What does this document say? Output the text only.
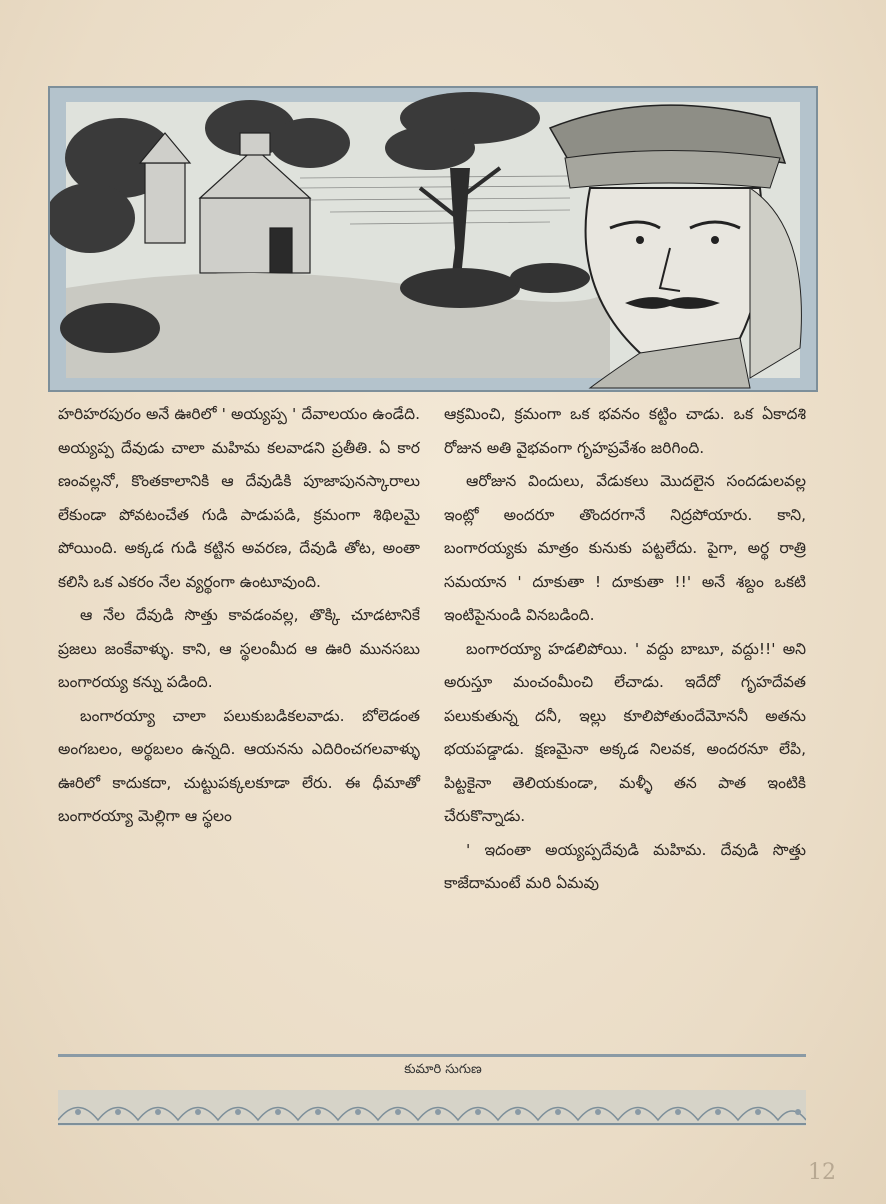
హరిహరపురం అనే ఊరిలో ' అయ్యప్ప ' దేవాలయం ఉండేది. అయ్యప్ప దేవుడు చాలా మహిమ కలవాడని ప్రతీతి. ఏ కార ణంవల్లనో, కొంతకాలానికి ఆ దేవుడికి పూజాపునస్కారాలు లేకుండా పోవటంచేత గుడి పాడుపడి, క్రమంగా శిథిలమై పోయింది. అక్కడ గుడి కట్టిన అవరణ, దేవుడి తోట, అంతా కలిసి ఒక ఎకరం నేల వ్యర్థంగా ఉంటూవుంది.

ఆ నేల దేవుడి సొత్తు కావడంవల్ల, తొక్కి చూడటానికే ప్రజలు జంకేవాళ్ళు. కాని, ఆ స్థలంమీద ఆ ఊరి మునసబు బంగారయ్య కన్ను పడింది.

బంగారయ్యా చాలా పలుకుబడికలవాడు. బోలెడంత అంగబలం, అర్థబలం ఉన్నది. ఆయనను ఎదిరించగలవాళ్ళు ఊరిలో కాదుకదా, చుట్టుపక్కలకూడా లేరు. ఈ ధీమాతో బంగారయ్యా మెల్లిగా ఆ స్థలం

ఆక్రమించి, క్రమంగా ఒక భవనం కట్టిం చాడు. ఒక ఏకాదశి రోజున అతి వైభవంగా గృహప్రవేశం జరిగింది.

ఆరోజున విందులు, వేడుకలు మొదలైన సందడులవల్ల ఇంట్లో అందరూ తొందరగానే నిద్రపోయారు. కాని, బంగారయ్యకు మాత్రం కునుకు పట్టలేదు. పైగా, అర్థ రాత్రి సమయాన ' దూకుతా ! దూకుతా !!' అనే శబ్దం ఒకటి ఇంటిపైనుండి వినబడింది.

బంగారయ్యా హడలిపోయి. ' వద్దు బాబూ, వద్దు!!' అని అరుస్తూ మంచంమీంచి లేచాడు. ఇదేదో గృహదేవత పలుకుతున్న దనీ, ఇల్లు కూలిపోతుందేమోననీ అతను భయపడ్డాడు. క్షణమైనా అక్కడ నిలవక, అందరనూ లేపి, పిట్టకైనా తెలియకుండా, మళ్ళీ తన పాత ఇంటికి చేరుకొన్నాడు.

' ఇదంతా అయ్యప్పదేవుడి మహిమ. దేవుడి సొత్తు కాజేదామంటే మరి ఏమవు

కుమారి సుగుణ
12
